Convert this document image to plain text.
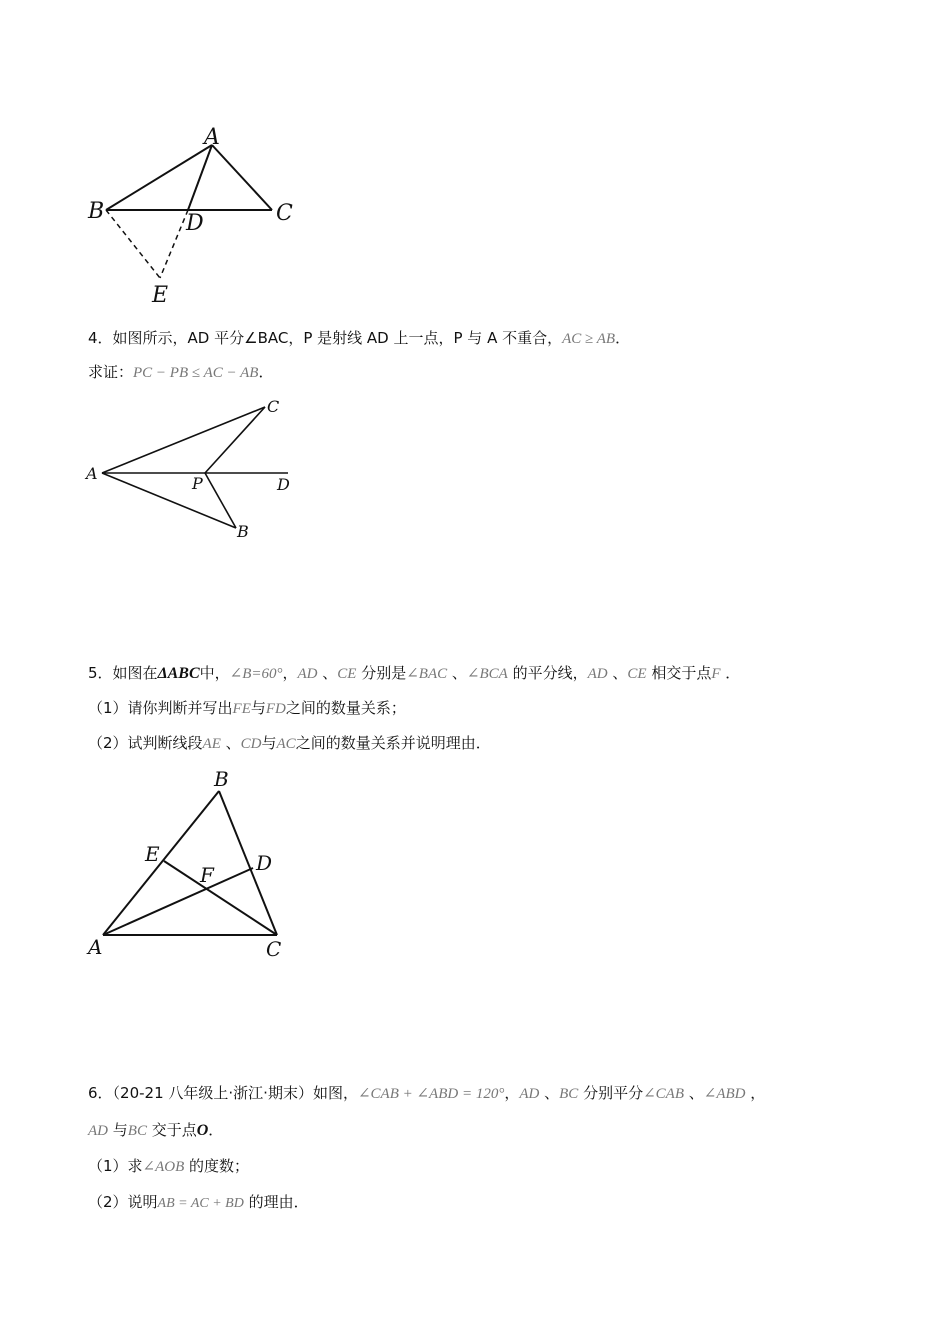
A
B	C
D
E
4．如图所示，AD 平分∠BAC，P 是射线 AD 上一点，P 与 A 不重合，AC ≥ AB．
求证：PC − PB ≤ AC − AB．
A
C
P	D
B
5．如图在ΔABC中，∠B=60°，AD 、CE 分别是∠BAC 、∠BCA 的平分线，AD 、CE 相交于点F ．
（1）请你判断并写出FE与FD之间的数量关系；
（2）试判断线段AE 、CD与AC之间的数量关系并说明理由．
B
E	D
F
A	C
6．（20-21 八年级上·浙江·期末）如图，∠CAB + ∠ABD = 120°，AD 、BC 分别平分∠CAB 、∠ABD ，
AD 与BC 交于点O．
（1）求∠AOB 的度数；
（2）说明AB = AC + BD 的理由．
